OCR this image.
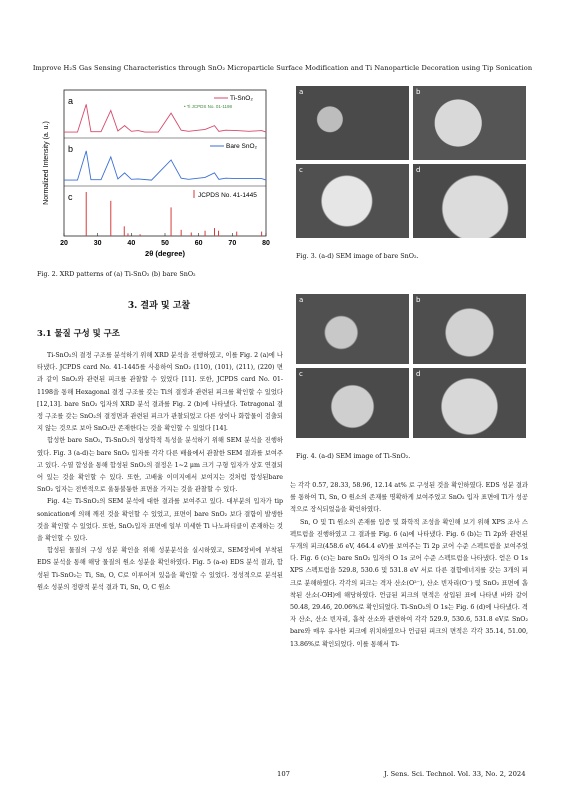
Improve H₂S Gas Sensing Characteristics through SnO₂ Microparticle Surface Modification and Ti Nanoparticle Decoration using Tip Sonication
a
b
c
Ti-SnO₂
• Ti JCPDS No. 01-1198
Bare SnO₂
JCPDS No. 41-1445
20	30	40	50	60	70	80
2θ (degree)
Normalized Intensity (a. u.)
Fig. 2. XRD patterns of (a) Ti-SnO₂ (b) bare SnO₂
a	b
c	d
Fig. 3. (a-d) SEM image of bare SnO₂.
3. 결과 및 고찰
a	b
c	d
Fig. 4. (a-d) SEM image of Ti-SnO₂.
3.1 물질 구성 및 구조

Ti-SnO₂의 결정 구조를 분석하기 위해 XRD 분석을 진행하였고, 이를 Fig. 2 (a)에 나타냈다. JCPDS card No. 41-1445를 사용하여 SnO₂ (110), (101), (211), (220) 면과 같이 SnO₂와 관련된 피크를 관찰할 수 있었다 [11]. 또한, JCPDS card No. 01-1198을 통해 Hexagonal 결정 구조를 갖는 Ti의 결정과 관련된 피크를 확인할 수 있었다 [12,13]. bare SnO₂ 입자의 XRD 분석 결과를 Fig. 2 (b)에 나타냈다. Tetragonal 결정 구조를 갖는 SnO₂의 결정면과 관련된 피크가 관찰되었고 다른 상이나 화합물이 검출되지 않는 것으로 보아 SnO₂만 존재한다는 것을 확인할 수 있었다 [14].

합성한 bare SnO₂, Ti-SnO₂의 형상학적 특성을 분석하기 위해 SEM 분석을 진행하였다. Fig. 3 (a-d)는 bare SnO₂ 입자를 각각 다른 배율에서 관찰한 SEM 결과를 보여주고 있다. 수열 합성을 통해 합성된 SnO₂의 결정은 1~2 μm 크기 구형 입자가 상호 연결되어 있는 것을 확인할 수 있다. 또한, 고배율 이미지에서 보여지는 것처럼 합성된bare SnO₂ 입자는 전반적으로 울퉁불퉁한 표면을 가지는 것을 관찰할 수 있다.

Fig. 4는 Ti-SnO₂의 SEM 분석에 대한 결과를 보여주고 있다. 대부분의 입자가 tip sonication에 의해 깨진 것을 확인할 수 있었고, 표면이 bare SnO₂ 보다 결함이 발생한 것을 확인할 수 있었다. 또한, SnO₂입자 표면에 일부 미세한 Ti 나노파티클이 존재하는 것을 확인할 수 있다.

합성된 물질의 구성 성분 확인을 위해 성분분석을 실시하였고, SEM장비에 부착된 EDS 분석을 통해 해당 물질의 원소 성분을 확인하였다. Fig. 5 (a-e) EDS 분석 결과, 합성된 Ti-SnO₂는 Ti, Sn, O, C로 이루어져 있음을 확인할 수 있었다. 정성적으로 분석된 원소 성분의 정량적 분석 결과 Ti, Sn, O, C 원소

는 각각 0.57, 28.33, 58.96, 12.14 at% 로 구성된 것을 확인하였다. EDS 성분 결과를 통하여 Ti, Sn, O 원소의 존재를 명확하게 보여주었고 SnO₂ 입자 표면에 Ti가 성공적으로 장식되었음을 확인하였다.

Sn, O 및 Ti 원소의 존재를 입증 및 화학적 조성을 확인해 보기 위해 XPS 조사 스펙트럼을 진행하였고 그 결과를 Fig. 6 (a)에 나타냈다. Fig. 6 (b)는 Ti 2p와 관련된 두개의 피크(458.6 eV, 464.4 eV)를 보여주는 Ti 2p 코어 수준 스펙트럼을 보여주었다. Fig. 6 (c)는 bare SnO₂ 입자의 O 1s 코어 수준 스펙트럼을 나타냈다. 얻은 O 1s XPS 스펙트럼을 529.8, 530.6 및 531.8 eV 서로 다른 결합에너지를 갖는 3개의 피크로 분해하였다. 각각의 피크는 격자 산소(O²⁻), 산소 빈자리(O⁻) 및 SnO₂ 표면에 흡착된 산소(-OH)에 해당하였다. 언급된 피크의 면적은 삼입된 표에 나타낸 바와 같이 50.48, 29.46, 20.06%로 확인되었다. Ti-SnO₂의 O 1s는 Fig. 6 (d)에 나타냈다. 격자 산소, 산소 빈자리, 흡착 산소와 관련하여 각각 529.9, 530.6, 531.8 eV로 SnO₂ bare와 매우 유사한 피크에 위치하였으나 언급된 피크의 면적은 각각 35.14, 51.00, 13.86%로 확인되었다. 이를 통해서 Ti-

107	J. Sens. Sci. Technol. Vol. 33, No. 2, 2024
